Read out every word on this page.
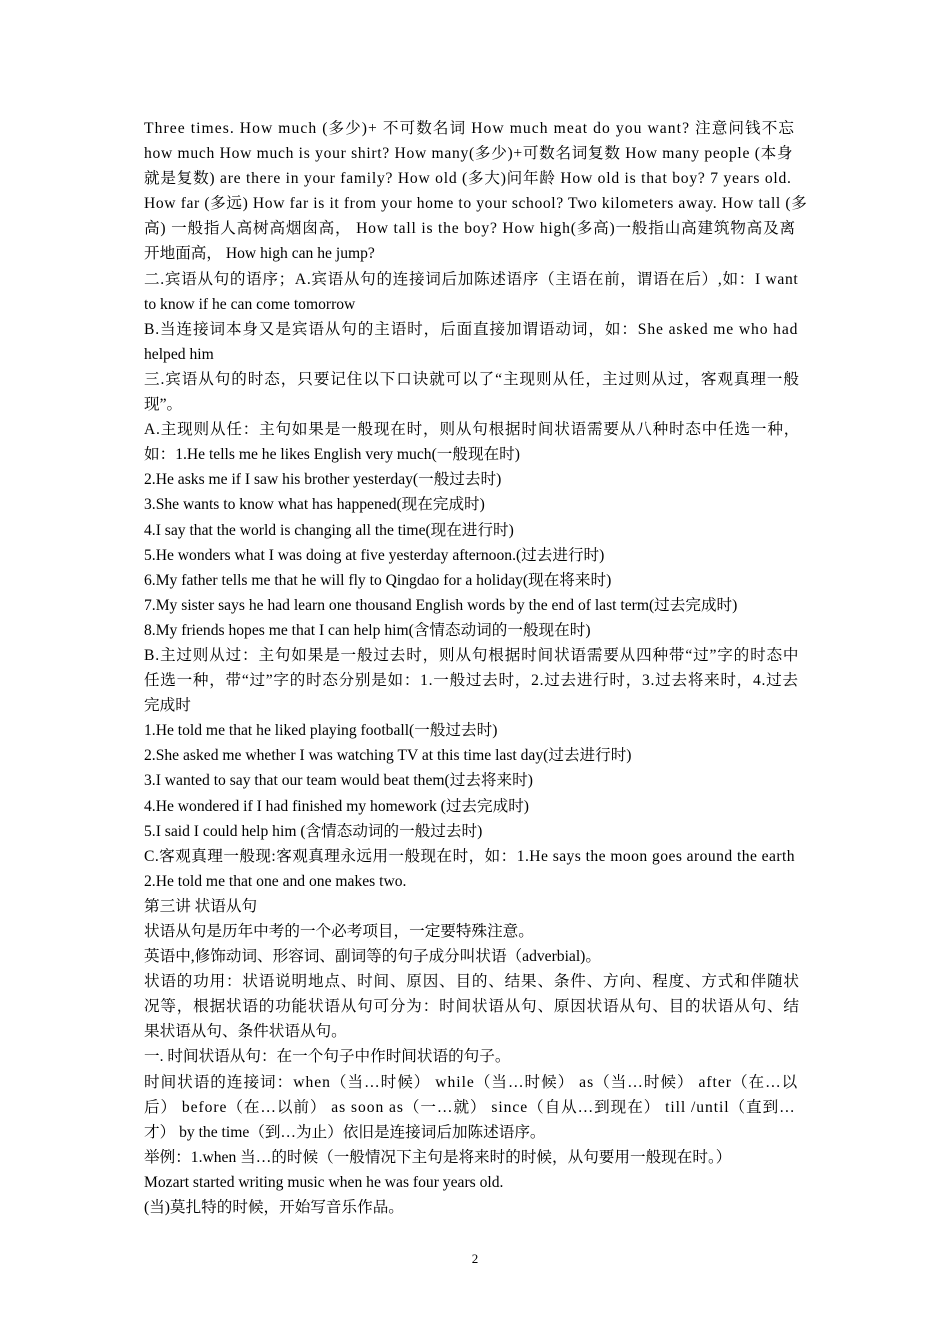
Three times. How much (多少)+ 不可数名词 How much meat do you want? 注意问钱不忘
how much How much is your shirt? How many(多少)+可数名词复数 How many people (本身
就是复数) are there in your family? How old (多大)问年龄 How old is that boy? 7 years old.
How far (多远) How far is it from your home to your school? Two kilometers away. How tall (多
高) 一般指人高树高烟囱高， How tall is the boy? How high(多高)一般指山高建筑物高及离
开地面高， How high can he jump?
二.宾语从句的语序；A.宾语从句的连接词后加陈述语序（主语在前，谓语在后）,如：I want
to know if he can come tomorrow
B.当连接词本身又是宾语从句的主语时，后面直接加谓语动词，如：She asked me who had
helped him
三.宾语从句的时态，只要记住以下口诀就可以了“主现则从任，主过则从过，客观真理一般
现”。
A.主现则从任：主句如果是一般现在时，则从句根据时间状语需要从八种时态中任选一种，
如：1.He tells me he likes English very much(一般现在时)
2.He asks me if I saw his brother yesterday(一般过去时)
3.She wants to know what has happened(现在完成时)
4.I say that the world is changing all the time(现在进行时)
5.He wonders what I was doing at five yesterday afternoon.(过去进行时)
6.My father tells me that he will fly to Qingdao for a holiday(现在将来时)
7.My sister says he had learn one thousand English words by the end of last term(过去完成时)
8.My friends hopes me that I can help him(含情态动词的一般现在时)
B.主过则从过：主句如果是一般过去时，则从句根据时间状语需要从四种带“过”字的时态中
任选一种，带“过”字的时态分别是如：1.一般过去时，2.过去进行时，3.过去将来时，4.过去
完成时
1.He told me that he liked playing football(一般过去时)
2.She asked me whether I was watching TV at this time last day(过去进行时)
3.I wanted to say that our team would beat them(过去将来时)
4.He wondered if I had finished my homework (过去完成时)
5.I said I could help him (含情态动词的一般过去时)
C.客观真理一般现:客观真理永远用一般现在时，如：1.He says the moon goes around the earth
2.He told me that one and one makes two.
第三讲 状语从句
状语从句是历年中考的一个必考项目，一定要特殊注意。
英语中,修饰动词、形容词、副词等的句子成分叫状语（adverbial)。
状语的功用：状语说明地点、时间、原因、目的、结果、条件、方向、程度、方式和伴随状
况等，根据状语的功能状语从句可分为：时间状语从句、原因状语从句、目的状语从句、结
果状语从句、条件状语从句。
一. 时间状语从句：在一个句子中作时间状语的句子。
时间状语的连接词：when（当…时候） while（当…时候） as（当…时候） after（在…以
后） before（在…以前） as soon as（一…就） since（自从…到现在） till /until（直到…
才） by the time（到…为止）依旧是连接词后加陈述语序。
举例：1.when 当…的时候（一般情况下主句是将来时的时候，从句要用一般现在时。）
Mozart started writing music when he was four years old.
(当)莫扎特的时候，开始写音乐作品。
2
